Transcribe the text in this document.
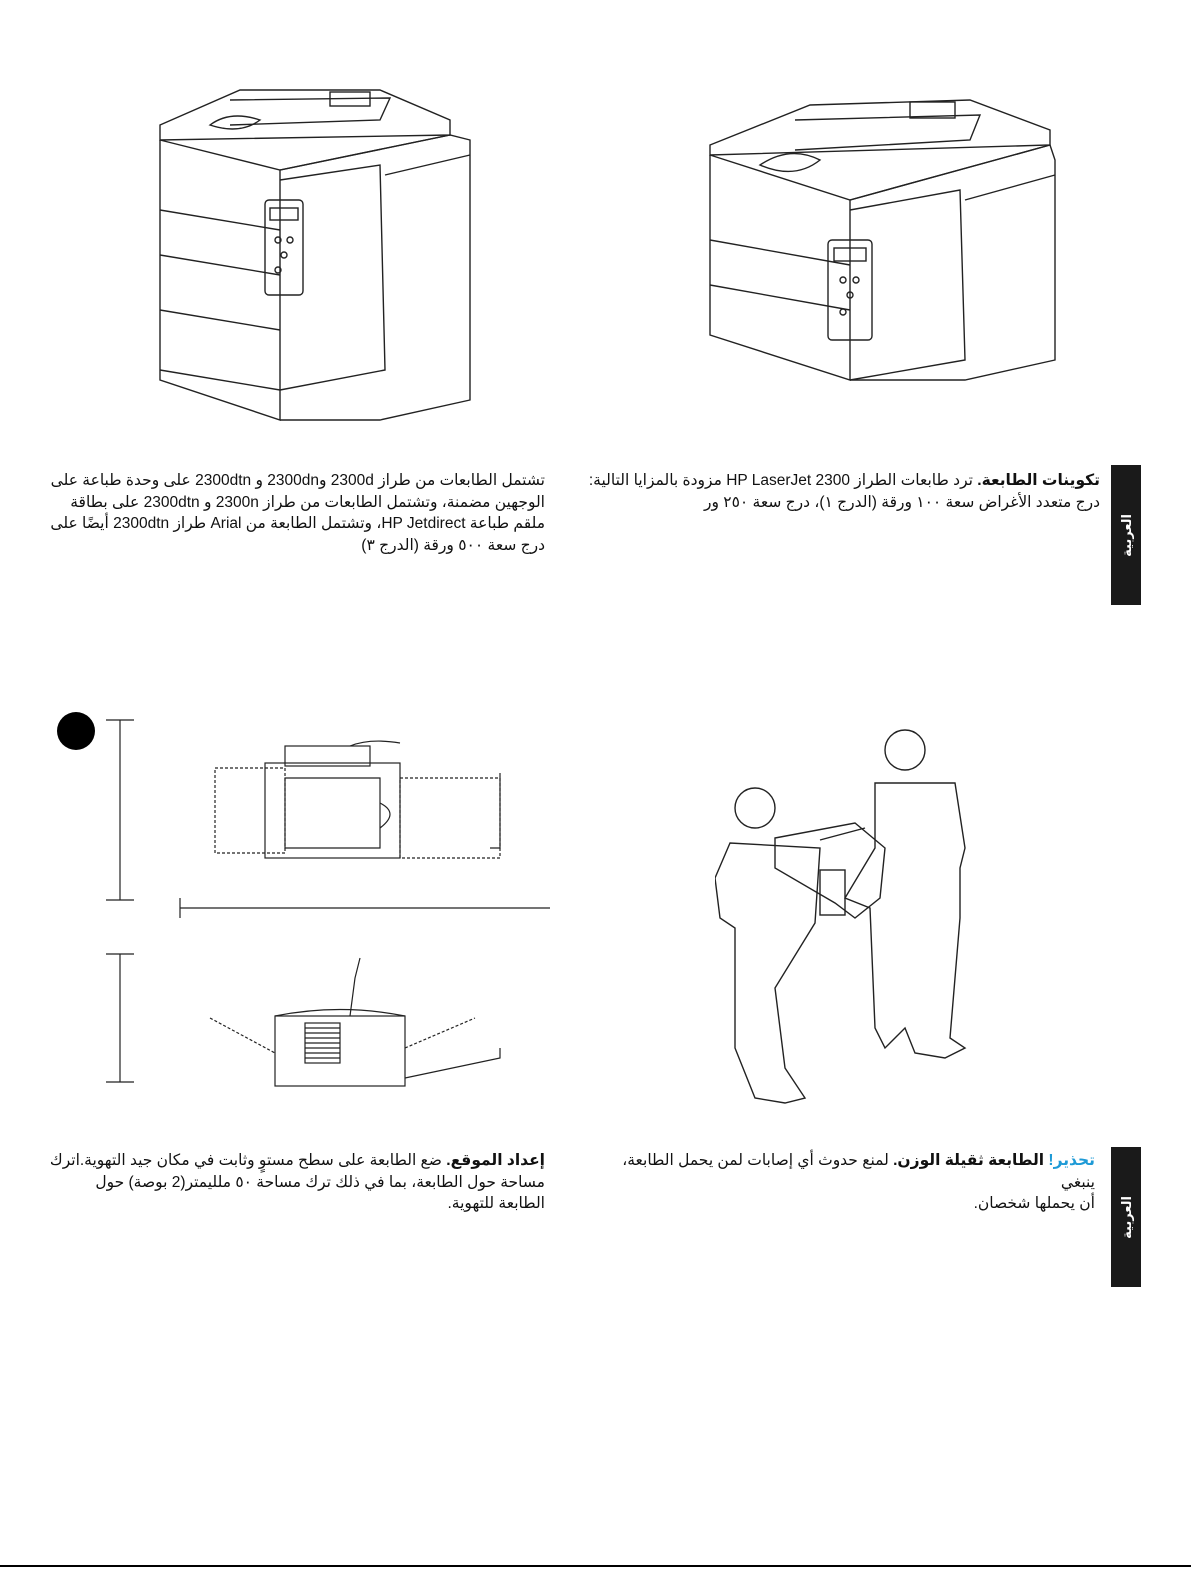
تكوينات الطابعة. ترد طابعات الطراز HP LaserJet 2300 مزودة بالمزايا التالية:

درج متعدد الأغراض سعة ١٠٠ ورقة (الدرج ١)، درج سعة ٢٥٠ ور

تشتمل الطابعات من طراز 2300d و2300dn و 2300dtn على وحدة طباعة على

الوجهين مضمنة، وتشتمل الطابعات من طراز 2300n و 2300dtn على بطاقة

ملقم طباعة HP Jetdirect، وتشتمل الطابعة من Arial طراز 2300dtn أيضًا على

درج سعة ٥٠٠ ورقة (الدرج ٣)	العربية

تحذير! الطابعة ثقيلة الوزن. لمنع حدوث أي إصابات لمن يحمل الطابعة، ينبغي

أن يحملها شخصان.

إعداد الموقع. ضع الطابعة على سطح مستوٍ وثابت في مكان جيد التهوية.اترك

مساحة حول الطابعة، بما في ذلك ترك مساحة ٥٠ ملليمتر(2 بوصة) حول

الطابعة للتهوية.	العربية
